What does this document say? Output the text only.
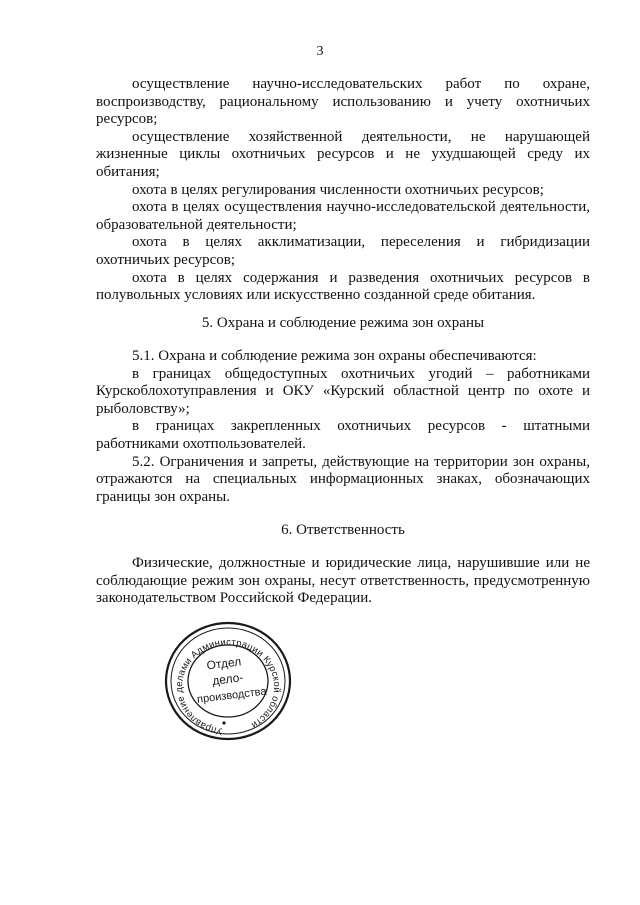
3

осуществление научно-исследовательских работ по охране, воспроизводству, рациональному использованию и учету охотничьих ресурсов;

осуществление хозяйственной деятельности, не нарушающей жизненные циклы охотничьих ресурсов и не ухудшающей среду их обитания;

охота в целях регулирования численности охотничьих ресурсов;

охота в целях осуществления научно-исследовательской деятельности, образовательной деятельности;

охота в целях акклиматизации, переселения и гибридизации охотничьих ресурсов;

охота в целях содержания и разведения охотничьих ресурсов в полувольных условиях или искусственно созданной среде обитания.

5. Охрана и соблюдение режима зон охраны

5.1. Охрана и соблюдение режима зон охраны обеспечиваются:

в границах общедоступных охотничьих угодий – работниками Курскоблохотуправления и ОКУ «Курский областной центр по охоте и рыболовству»;

в границах закрепленных охотничьих ресурсов - штатными работниками охотпользователей.

5.2. Ограничения и запреты, действующие на территории зон охраны, отражаются на специальных информационных знаках, обозначающих границы зон охраны.

6. Ответственность

Физические, должностные и юридические лица, нарушившие или не соблюдающие режим зон охраны, несут ответственность, предусмотренную законодательством Российской Федерации.

Управление делами Администрации Курской области
Отдел
дело-
производства
